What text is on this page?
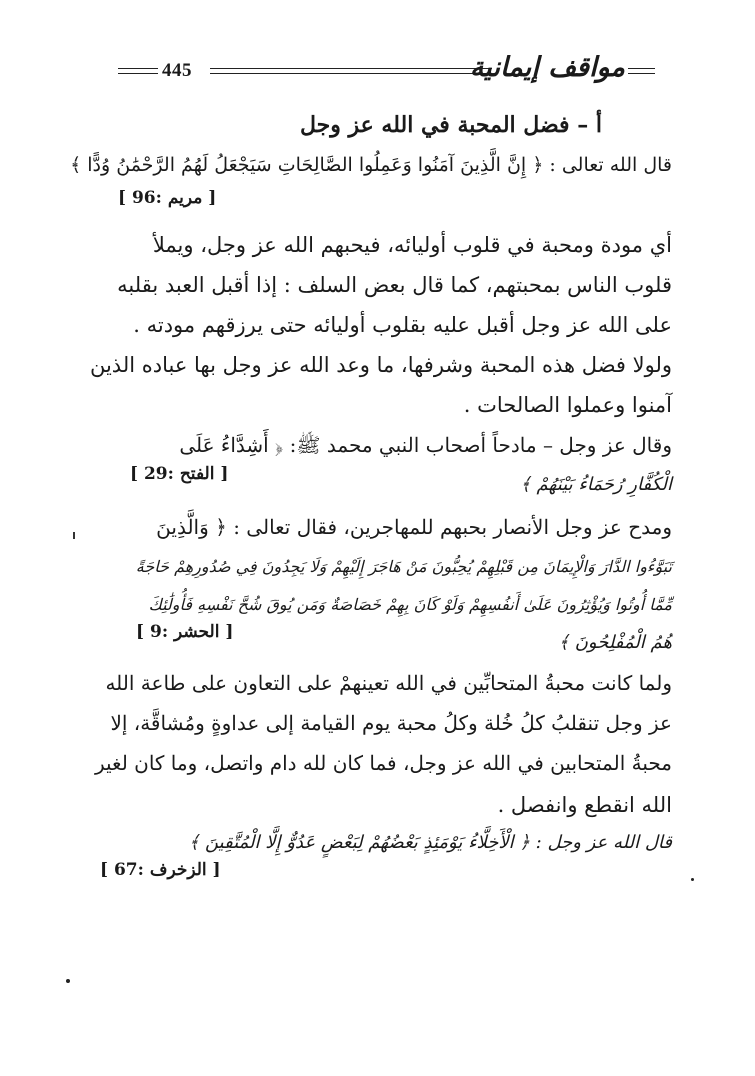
445	مواقف إيمانية
أ – فضل المحبة في الله عز وجل
قال الله تعالى : ﴿ إِنَّ الَّذِينَ آمَنُوا وَعَمِلُوا الصَّالِحَاتِ سَيَجْعَلُ لَهُمُ الرَّحْمَٰنُ وُدًّا ﴾
أي مودة ومحبة في قلوب أوليائه، فيحبهم الله عز وجل، ويملأ
قلوب الناس بمحبتهم، كما قال بعض السلف : إذا أقبل العبد بقلبه
على الله عز وجل أقبل عليه بقلوب أوليائه حتى يرزقهم مودته .
ولولا فضل هذه المحبة وشرفها، ما وعد الله عز وجل بها عباده الذين
آمنوا وعملوا الصالحات .
وقال عز وجل – مادحاً أصحاب النبي محمد ﷺ: ﴿ أَشِدَّاءُ عَلَى
الْكُفَّارِ رُحَمَاءُ بَيْنَهُمْ ﴾
ومدح عز وجل الأنصار بحبهم للمهاجرين، فقال تعالى : ﴿ وَالَّذِينَ
تَبَوَّءُوا الدَّارَ وَالْإِيمَانَ مِن قَبْلِهِمْ يُحِبُّونَ مَنْ هَاجَرَ إِلَيْهِمْ وَلَا يَجِدُونَ فِي صُدُورِهِمْ حَاجَةً
مِّمَّا أُوتُوا وَيُؤْثِرُونَ عَلَىٰ أَنفُسِهِمْ وَلَوْ كَانَ بِهِمْ خَصَاصَةٌ وَمَن يُوقَ شُحَّ نَفْسِهِ فَأُولَٰئِكَ
هُمُ الْمُفْلِحُونَ ﴾
ولما كانت محبةُ المتحابِّين في الله تعينهمْ على التعاون على طاعة الله
عز وجل تنقلبُ كلُ خُلة وكلُ محبة يوم القيامة إلى عداوةٍ ومُشاقَّة، إلا
محبةُ المتحابين في الله عز وجل، فما كان لله دام واتصل، وما كان لغير
الله انقطع وانفصل .
قال الله عز وجل : ﴿ الْأَخِلَّاءُ يَوْمَئِذٍ بَعْضُهُمْ لِبَعْضٍ عَدُوٌّ إِلَّا الْمُتَّقِينَ ﴾
[ مريم :96 ]
[ الفتح :29 ]
[ الحشر :9 ]
[ الزخرف :67 ]
